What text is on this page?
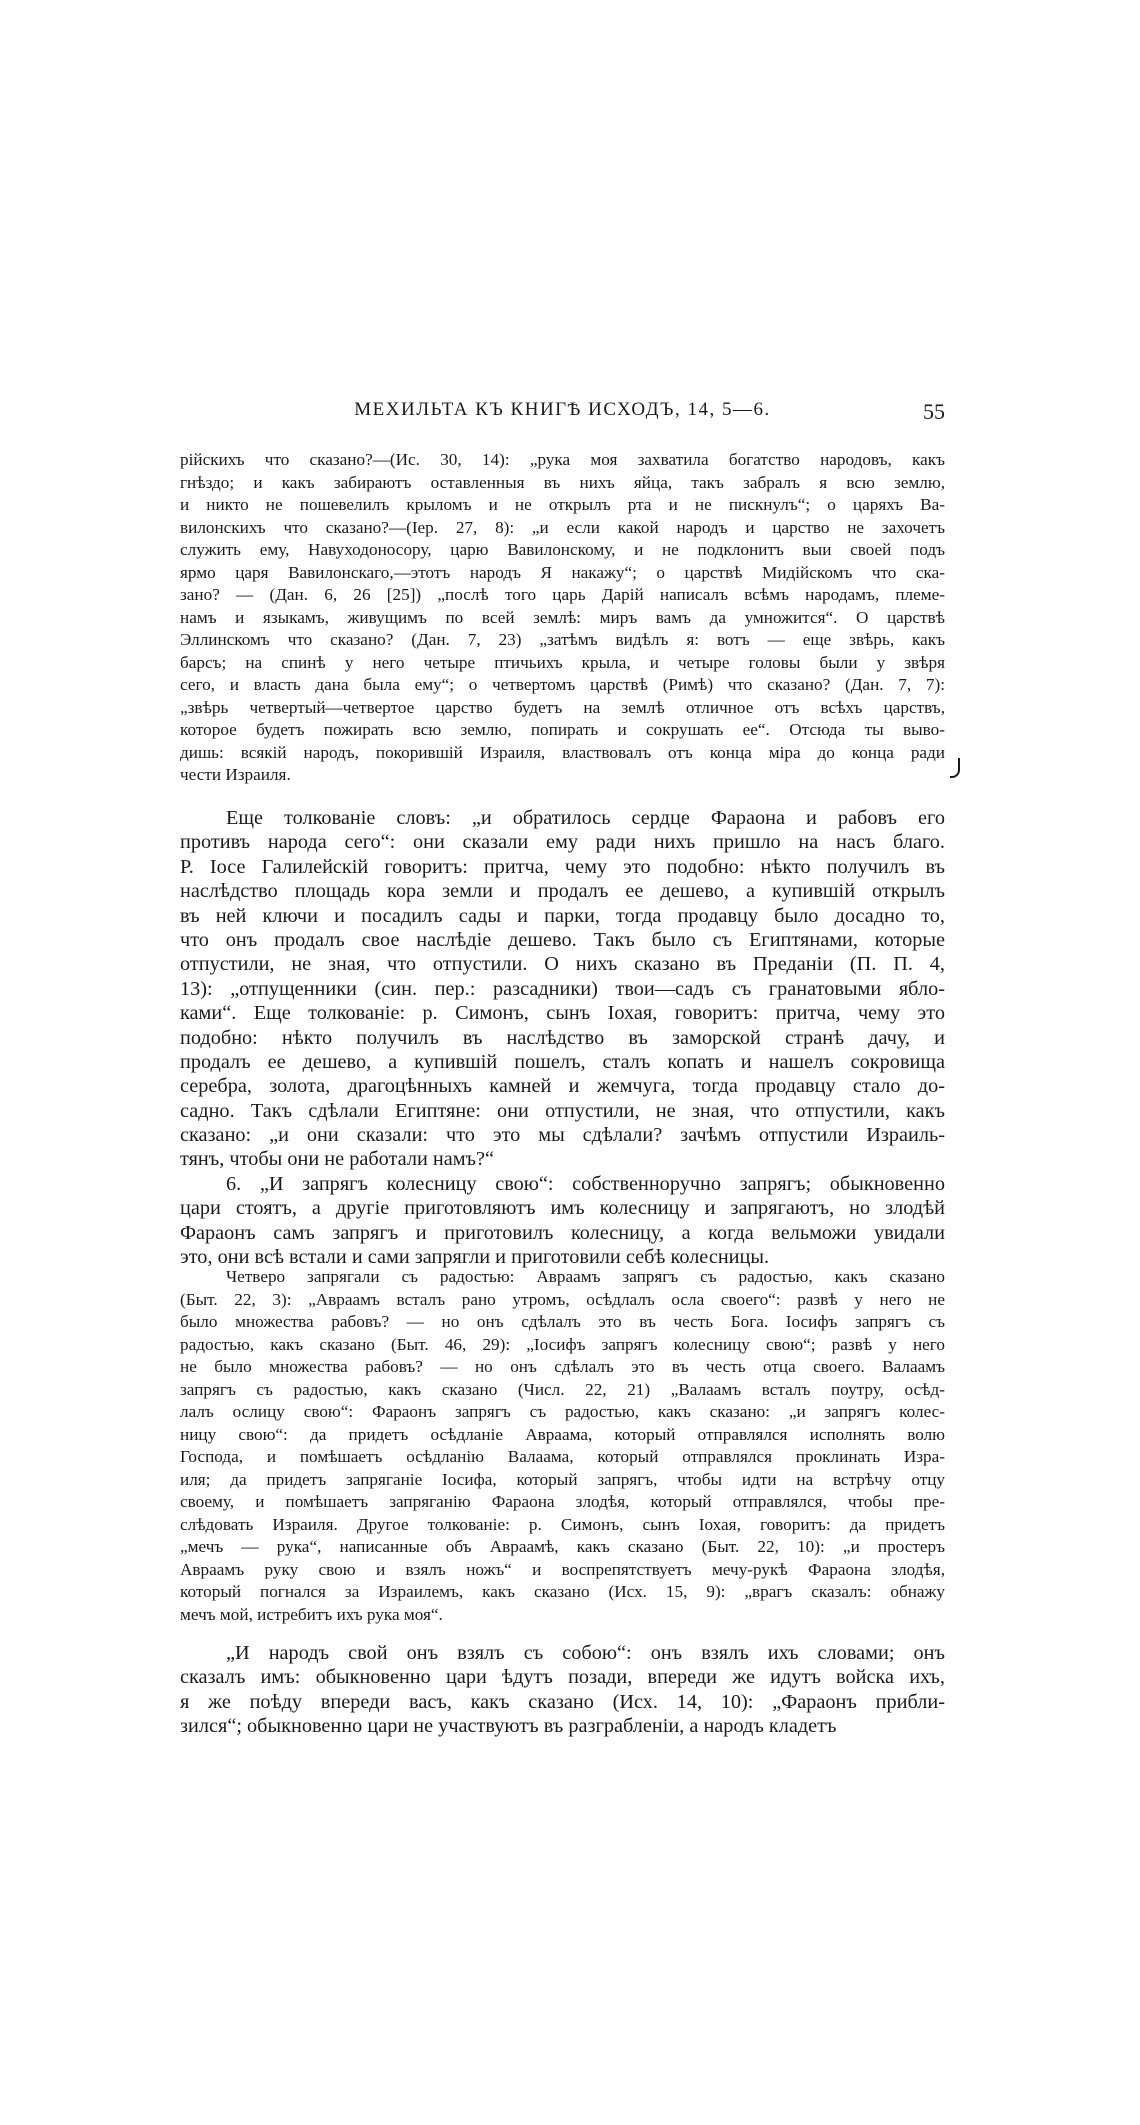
МЕХИЛЬТА КЪ КНИГѢ ИСХОДЪ, 14, 5—6.	55
рійскихъ что сказано?—(Ис. 30, 14): „рука моя захватила богатство народовъ, какъ
гнѣздо; и какъ забираютъ оставленныя въ нихъ яйца, такъ забралъ я всю землю,
и никто не пошевелилъ крыломъ и не открылъ рта и не пискнулъ“; о царяхъ Ва-
вилонскихъ что сказано?—(Іер. 27, 8): „и если какой народъ и царство не захочетъ
служить ему, Навуходоносору, царю Вавилонскому, и не подклонитъ выи своей подъ
ярмо царя Вавилонскаго,—этотъ народъ Я накажу“; о царствѣ Мидійскомъ что ска-
зано? — (Дан. 6, 26 [25]) „послѣ того царь Дарій написалъ всѣмъ народамъ, племе-
намъ и языкамъ, живущимъ по всей землѣ: миръ вамъ да умножится“. О царствѣ
Эллинскомъ что сказано? (Дан. 7, 23) „затѣмъ видѣлъ я: вотъ — еще звѣрь, какъ
барсъ; на спинѣ у него четыре птичьихъ крыла, и четыре головы были у звѣря
сего, и власть дана была ему“; о четвертомъ царствѣ (Римѣ) что сказано? (Дан. 7, 7):
„звѣрь четвертый—четвертое царство будетъ на землѣ отличное отъ всѣхъ царствъ,
которое будетъ пожирать всю землю, попирать и сокрушать ее“. Отсюда ты выво-
дишь: всякій народъ, покорившій Израиля, властвовалъ отъ конца міра до конца ради
чести Израиля.
Еще толкованіе словъ: „и обратилось сердце Фараона и рабовъ его
противъ народа сего“: они сказали ему ради нихъ пришло на насъ благо.
Р. Іосе Галилейскій говоритъ: притча, чему это подобно: нѣкто получилъ въ
наслѣдство площадь кора земли и продалъ ее дешево, а купившій открылъ
въ ней ключи и посадилъ сады и парки, тогда продавцу было досадно то,
что онъ продалъ свое наслѣдіе дешево. Такъ было съ Египтянами, которые
отпустили, не зная, что отпустили. О нихъ сказано въ Преданіи (П. П. 4,
13): „отпущенники (син. пер.: разсадники) твои—садъ съ гранатовыми ябло-
ками“. Еще толкованіе: р. Симонъ, сынъ Іохая, говоритъ: притча, чему это
подобно: нѣкто получилъ въ наслѣдство въ заморской странѣ дачу, и
продалъ ее дешево, а купившій пошелъ, сталъ копать и нашелъ сокровища
серебра, золота, драгоцѣнныхъ камней и жемчуга, тогда продавцу стало до-
садно. Такъ сдѣлали Египтяне: они отпустили, не зная, что отпустили, какъ
сказано: „и они сказали: что это мы сдѣлали? зачѣмъ отпустили Израиль-
тянъ, чтобы они не работали намъ?“
6. „И запрягъ колесницу свою“: собственноручно запрягъ; обыкновенно
цари стоятъ, а другіе приготовляютъ имъ колесницу и запрягаютъ, но злодѣй
Фараонъ самъ запрягъ и приготовилъ колесницу, а когда вельможи увидали
это, они всѣ встали и сами запрягли и приготовили себѣ колесницы.
Четверо запрягали съ радостью: Авраамъ запрягъ съ радостью, какъ сказано
(Быт. 22, 3): „Авраамъ всталъ рано утромъ, осѣдлалъ осла своего“: развѣ у него не
было множества рабовъ? — но онъ сдѣлалъ это въ честь Бога. Іосифъ запрягъ съ
радостью, какъ сказано (Быт. 46, 29): „Іосифъ запрягъ колесницу свою“; развѣ у него
не было множества рабовъ? — но онъ сдѣлалъ это въ честь отца своего. Валаамъ
запрягъ съ радостью, какъ сказано (Числ. 22, 21) „Валаамъ всталъ поутру, осѣд-
лалъ ослицу свою“: Фараонъ запрягъ съ радостью, какъ сказано: „и запрягъ колес-
ницу свою“: да придетъ осѣдланіе Авраама, который отправлялся исполнять волю
Господа, и помѣшаетъ осѣдланію Валаама, который отправлялся проклинать Изра-
иля; да придетъ запряганіе Іосифа, который запрягъ, чтобы идти на встрѣчу отцу
своему, и помѣшаетъ запряганію Фараона злодѣя, который отправлялся, чтобы пре-
слѣдовать Израиля. Другое толкованіе: р. Симонъ, сынъ Іохая, говоритъ: да придетъ
„мечъ — рука“, написанные объ Авраамѣ, какъ сказано (Быт. 22, 10): „и простеръ
Авраамъ руку свою и взялъ ножъ“ и воспрепятствуетъ мечу-рукѣ Фараона злодѣя,
который погнался за Израилемъ, какъ сказано (Исх. 15, 9): „врагъ сказалъ: обнажу
мечъ мой, истребитъ ихъ рука моя“.
„И народъ свой онъ взялъ съ собою“: онъ взялъ ихъ словами; онъ
сказалъ имъ: обыкновенно цари ѣдутъ позади, впереди же идутъ войска ихъ,
я же поѣду впереди васъ, какъ сказано (Исх. 14, 10): „Фараонъ прибли-
зился“; обыкновенно цари не участвуютъ въ разграбленіи, а народъ кладетъ
